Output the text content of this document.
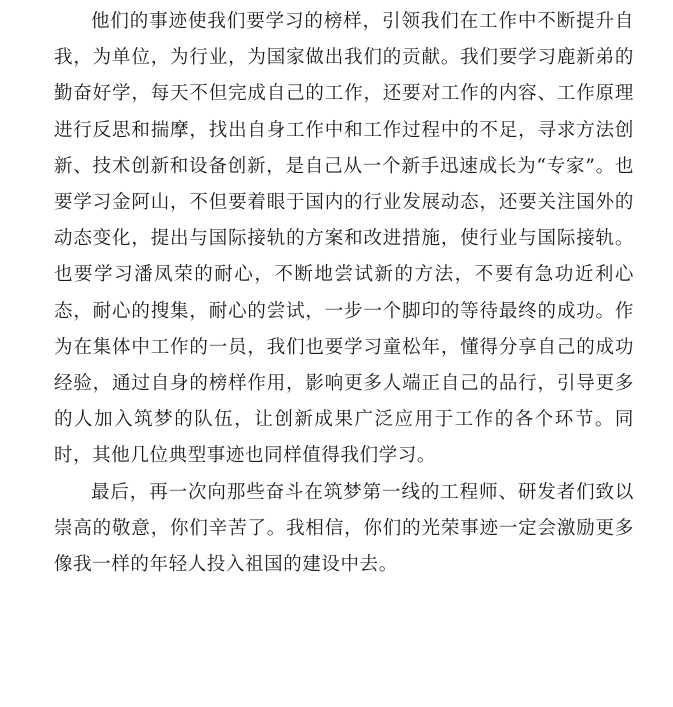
他们的事迹使我们要学习的榜样，引领我们在工作中不断提升自我，为单位，为行业，为国家做出我们的贡献。我们要学习鹿新弟的勤奋好学，每天不但完成自己的工作，还要对工作的内容、工作原理进行反思和揣摩，找出自身工作中和工作过程中的不足，寻求方法创新、技术创新和设备创新，是自己从一个新手迅速成长为“专家”。也要学习金阿山，不但要着眼于国内的行业发展动态，还要关注国外的动态变化，提出与国际接轨的方案和改进措施，使行业与国际接轨。也要学习潘凤荣的耐心，不断地尝试新的方法，不要有急功近利心态，耐心的搜集，耐心的尝试，一步一个脚印的等待最终的成功。作为在集体中工作的一员，我们也要学习童松年，懂得分享自己的成功经验，通过自身的榜样作用，影响更多人端正自己的品行，引导更多的人加入筑梦的队伍，让创新成果广泛应用于工作的各个环节。同时，其他几位典型事迹也同样值得我们学习。

最后，再一次向那些奋斗在筑梦第一线的工程师、研发者们致以崇高的敬意，你们辛苦了。我相信，你们的光荣事迹一定会激励更多像我一样的年轻人投入祖国的建设中去。
